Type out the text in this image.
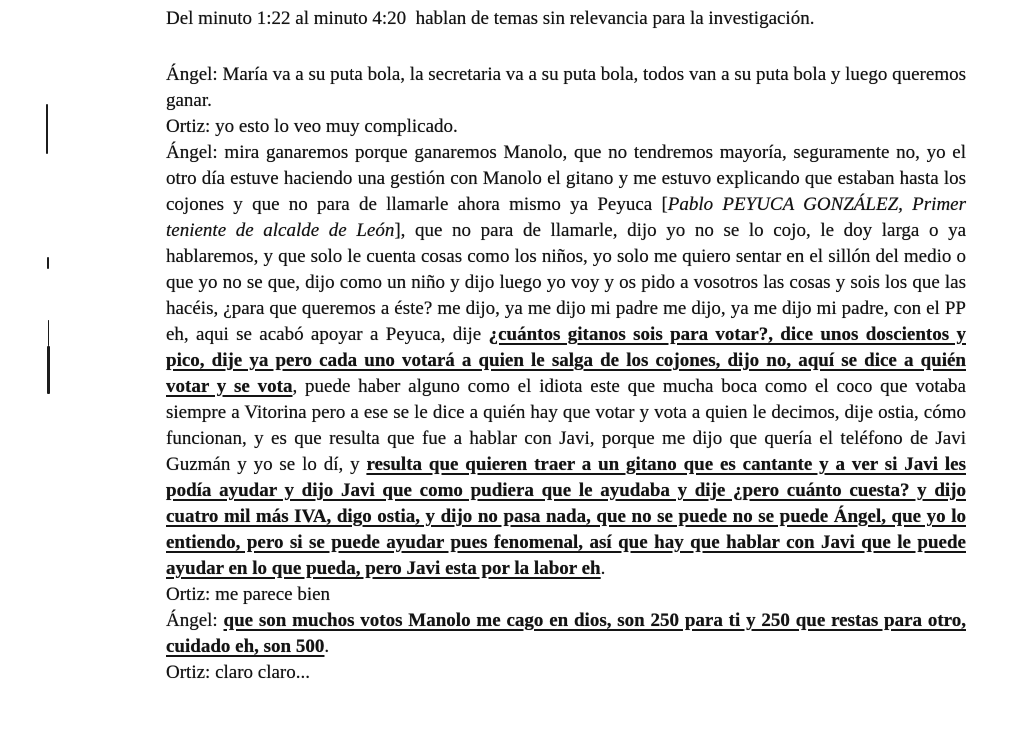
Del minuto 1:22 al minuto 4:20  hablan de temas sin relevancia para la investigación.

Ángel: María va a su puta bola, la secretaria va a su puta bola, todos van a su puta bola y luego queremos ganar.

Ortiz: yo esto lo veo muy complicado.

Ángel: mira ganaremos porque ganaremos Manolo, que no tendremos mayoría, seguramente no, yo el otro día estuve haciendo una gestión con Manolo el gitano y me estuvo explicando que estaban hasta los cojones y que no para de llamarle ahora mismo ya Peyuca [Pablo PEYUCA GONZÁLEZ, Primer teniente de alcalde de León], que no para de llamarle, dijo yo no se lo cojo, le doy larga o ya hablaremos, y que solo le cuenta cosas como los niños, yo solo me quiero sentar en el sillón del medio o que yo no se que, dijo como un niño y dijo luego yo voy y os pido a vosotros las cosas y sois los que las hacéis, ¿para que queremos a éste? me dijo, ya me dijo mi padre me dijo, ya me dijo mi padre, con el PP eh, aqui se acabó apoyar a Peyuca, dije ¿cuántos gitanos sois para votar?, dice unos doscientos y pico, dije ya pero cada uno votará a quien le salga de los cojones, dijo no, aquí se dice a quién votar y se vota, puede haber alguno como el idiota este que mucha boca como el coco que votaba siempre a Vitorina pero a ese se le dice a quién hay que votar y vota a quien le decimos, dije ostia, cómo funcionan, y es que resulta que fue a hablar con Javi, porque me dijo que quería el teléfono de Javi Guzmán y yo se lo dí, y resulta que quieren traer a un gitano que es cantante y a ver si Javi les podía ayudar y dijo Javi que como pudiera que le ayudaba y dije ¿pero cuánto cuesta? y dijo cuatro mil más IVA, digo ostia, y dijo no pasa nada, que no se puede no se puede Ángel, que yo lo entiendo, pero si se puede ayudar pues fenomenal, así que hay que hablar con Javi que le puede ayudar en lo que pueda, pero Javi esta por la labor eh.

Ortiz: me parece bien

Ángel: que son muchos votos Manolo me cago en dios, son 250 para ti y 250 que restas para otro, cuidado eh, son 500.

Ortiz: claro claro...
